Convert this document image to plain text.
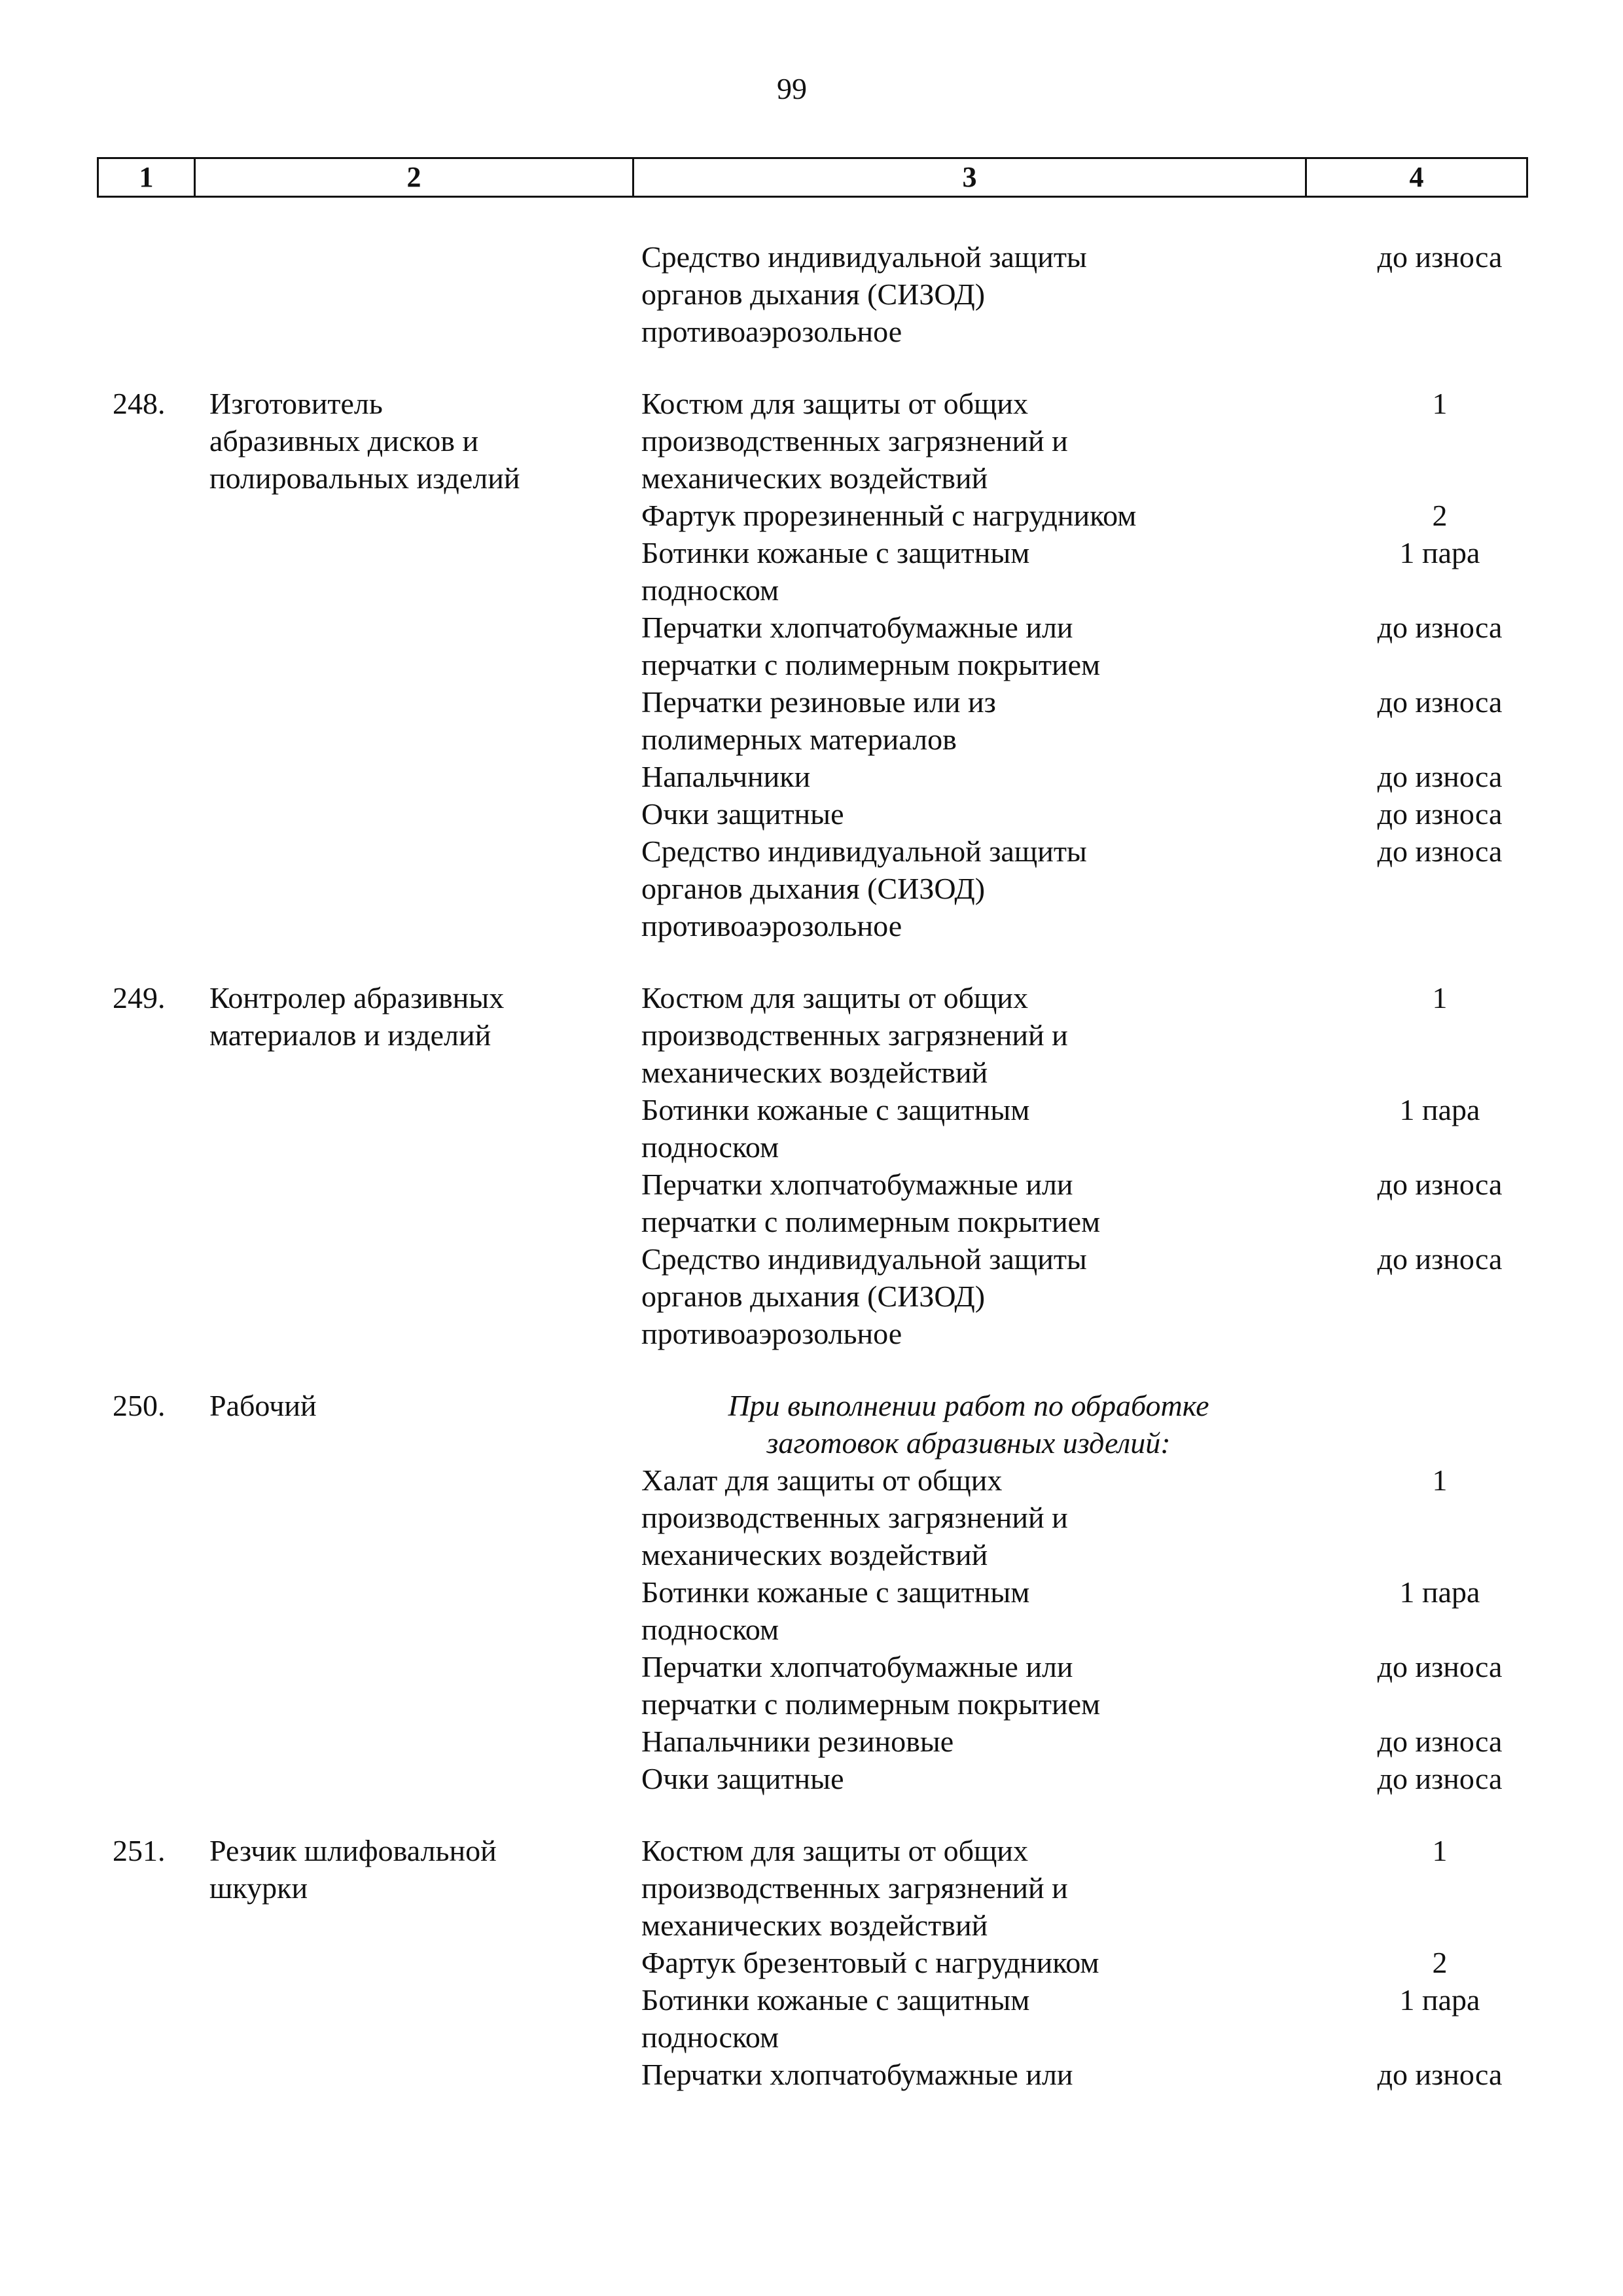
99
1	2	3	4
Средство индивидуальной защиты	до износа
органов дыхания (СИЗОД)
противоаэрозольное
248. Изготовитель	Костюм для защиты от общих	1
абразивных дисков и	производственных загрязнений и
полировальных изделий	механических воздействий
Фартук прорезиненный с нагрудником	2
Ботинки кожаные с защитным	1 пара
подноском
Перчатки хлопчатобумажные или	до износа
перчатки с полимерным покрытием
Перчатки резиновые или из	до износа
полимерных материалов
Напальчники	до износа
Очки защитные	до износа
Средство индивидуальной защиты	до износа
органов дыхания (СИЗОД)
противоаэрозольное
249. Контролер абразивных	Костюм для защиты от общих	1
материалов и изделий	производственных загрязнений и
механических воздействий
Ботинки кожаные с защитным	1 пара
подноском
Перчатки хлопчатобумажные или	до износа
перчатки с полимерным покрытием
Средство индивидуальной защиты	до износа
органов дыхания (СИЗОД)
противоаэрозольное
250. Рабочий	При выполнении работ по обработке
заготовок абразивных изделий:
Халат для защиты от общих	1
производственных загрязнений и
механических воздействий
Ботинки кожаные с защитным	1 пара
подноском
Перчатки хлопчатобумажные или	до износа
перчатки с полимерным покрытием
Напальчники резиновые	до износа
Очки защитные	до износа
251. Резчик шлифовальной	Костюм для защиты от общих	1
шкурки	производственных загрязнений и
механических воздействий
Фартук брезентовый с нагрудником	2
Ботинки кожаные с защитным	1 пара
подноском
Перчатки хлопчатобумажные или	до износа
